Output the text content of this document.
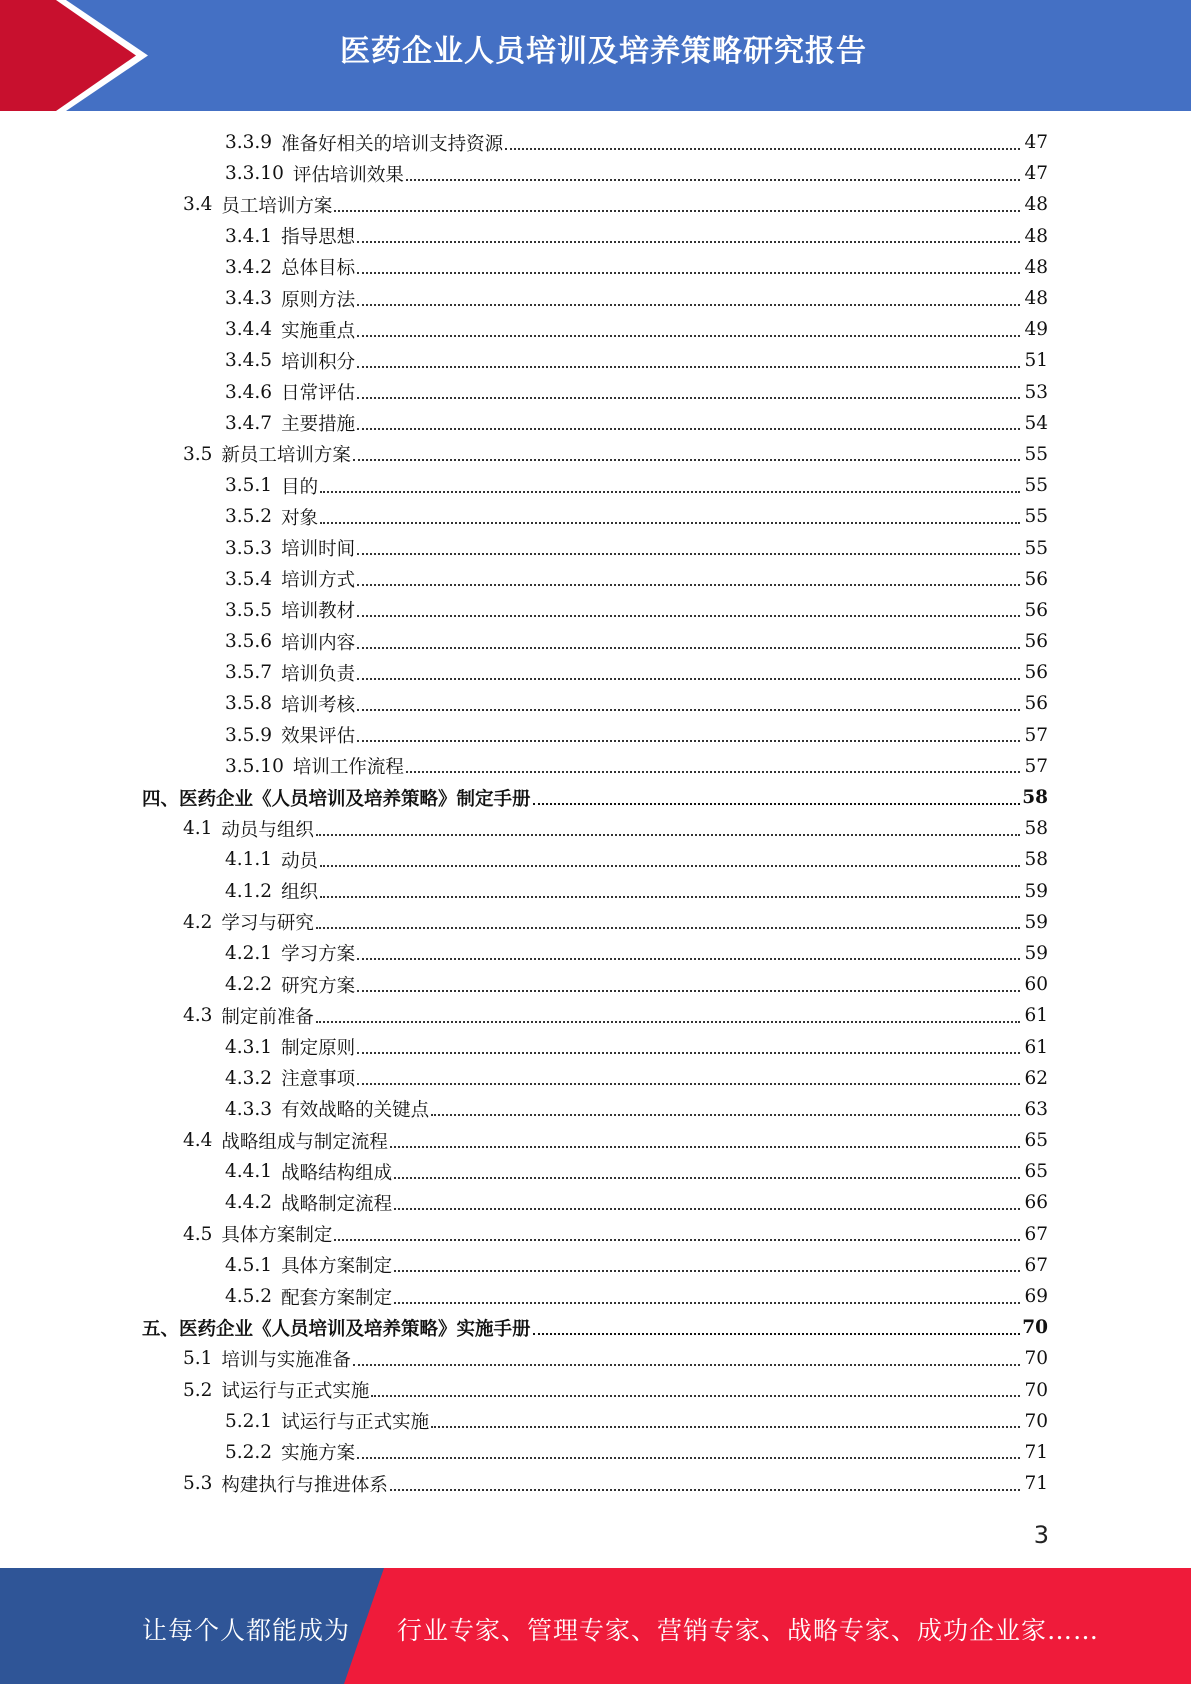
医药企业人员培训及培养策略研究报告
3.3.9 准备好相关的培训支持资源	47
3.3.10 评估培训效果	47
3.4 员工培训方案	48
3.4.1 指导思想	48
3.4.2 总体目标	48
3.4.3 原则方法	48
3.4.4 实施重点	49
3.4.5 培训积分	51
3.4.6 日常评估	53
3.4.7 主要措施	54
3.5 新员工培训方案	55
3.5.1 目的	55
3.5.2 对象	55
3.5.3 培训时间	55
3.5.4 培训方式	56
3.5.5 培训教材	56
3.5.6 培训内容	56
3.5.7 培训负责	56
3.5.8 培训考核	56
3.5.9 效果评估	57
3.5.10 培训工作流程	57
四、医药企业《人员培训及培养策略》制定手册	58
4.1 动员与组织	58
4.1.1 动员	58
4.1.2 组织	59
4.2 学习与研究	59
4.2.1 学习方案	59
4.2.2 研究方案	60
4.3 制定前准备	61
4.3.1 制定原则	61
4.3.2 注意事项	62
4.3.3 有效战略的关键点	63
4.4 战略组成与制定流程	65
4.4.1 战略结构组成	65
4.4.2 战略制定流程	66
4.5 具体方案制定	67
4.5.1 具体方案制定	67
4.5.2 配套方案制定	69
五、医药企业《人员培训及培养策略》实施手册	70
5.1 培训与实施准备	70
5.2 试运行与正式实施	70
5.2.1 试运行与正式实施	70
5.2.2 实施方案	71
5.3 构建执行与推进体系	71
3
让每个人都能成为 行业专家、管理专家、营销专家、战略专家、成功企业家……
